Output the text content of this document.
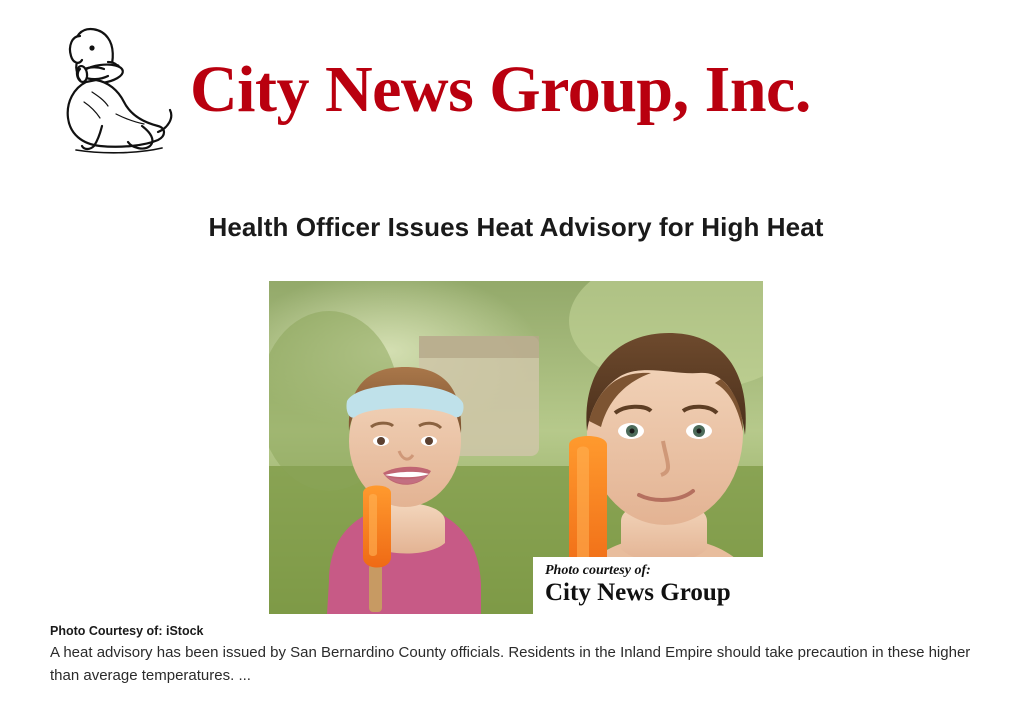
City News Group, Inc.
Health Officer Issues Heat Advisory for High Heat
Photo courtesy of:
City News Group

Photo Courtesy of: iStock

A heat advisory has been issued by San Bernardino County officials. Residents in the Inland Empire should take precaution in these higher than average temperatures. ...
